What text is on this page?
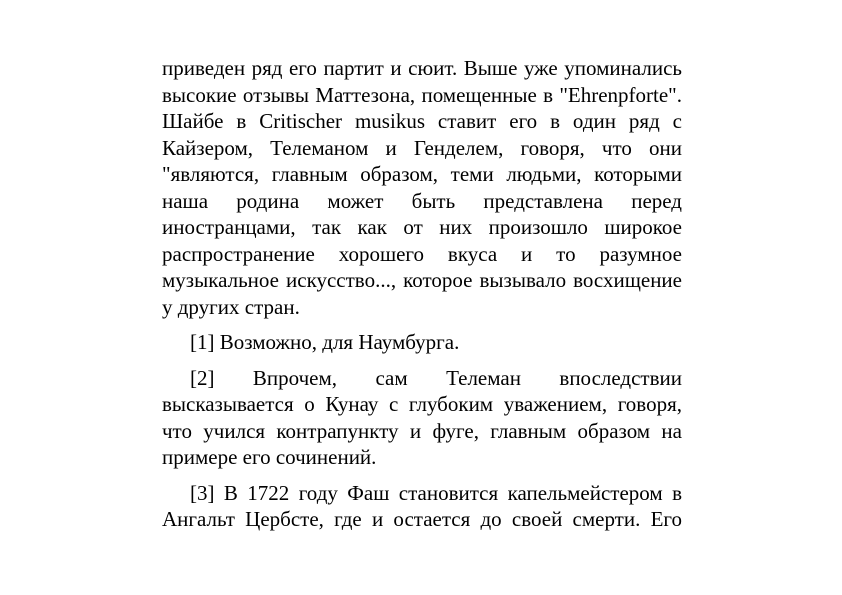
приведен ряд его партит и сюит. Выше уже упоминались высокие отзывы Маттезона, помещенные в "Ehrenpforte". Шайбе в Critischer musikus ставит его в один ряд с Кайзером, Телеманом и Генделем, говоря, что они "являются, главным образом, теми людьми, которыми наша родина может быть представлена перед иностранцами, так как от них произошло широкое распространение хорошего вкуса и то разумное музыкальное искусство..., которое вызывало восхищение у других стран.

[1] Возможно, для Наумбурга.

[2] Впрочем, сам Телеман впоследствии высказывается о Кунау с глубоким уважением, говоря, что учился контрапункту и фуге, главным образом на примере его сочинений.

[3] В 1722 году Фаш становится капельмейстером в Ангальт Цербсте, где и остается до своей смерти. Его
